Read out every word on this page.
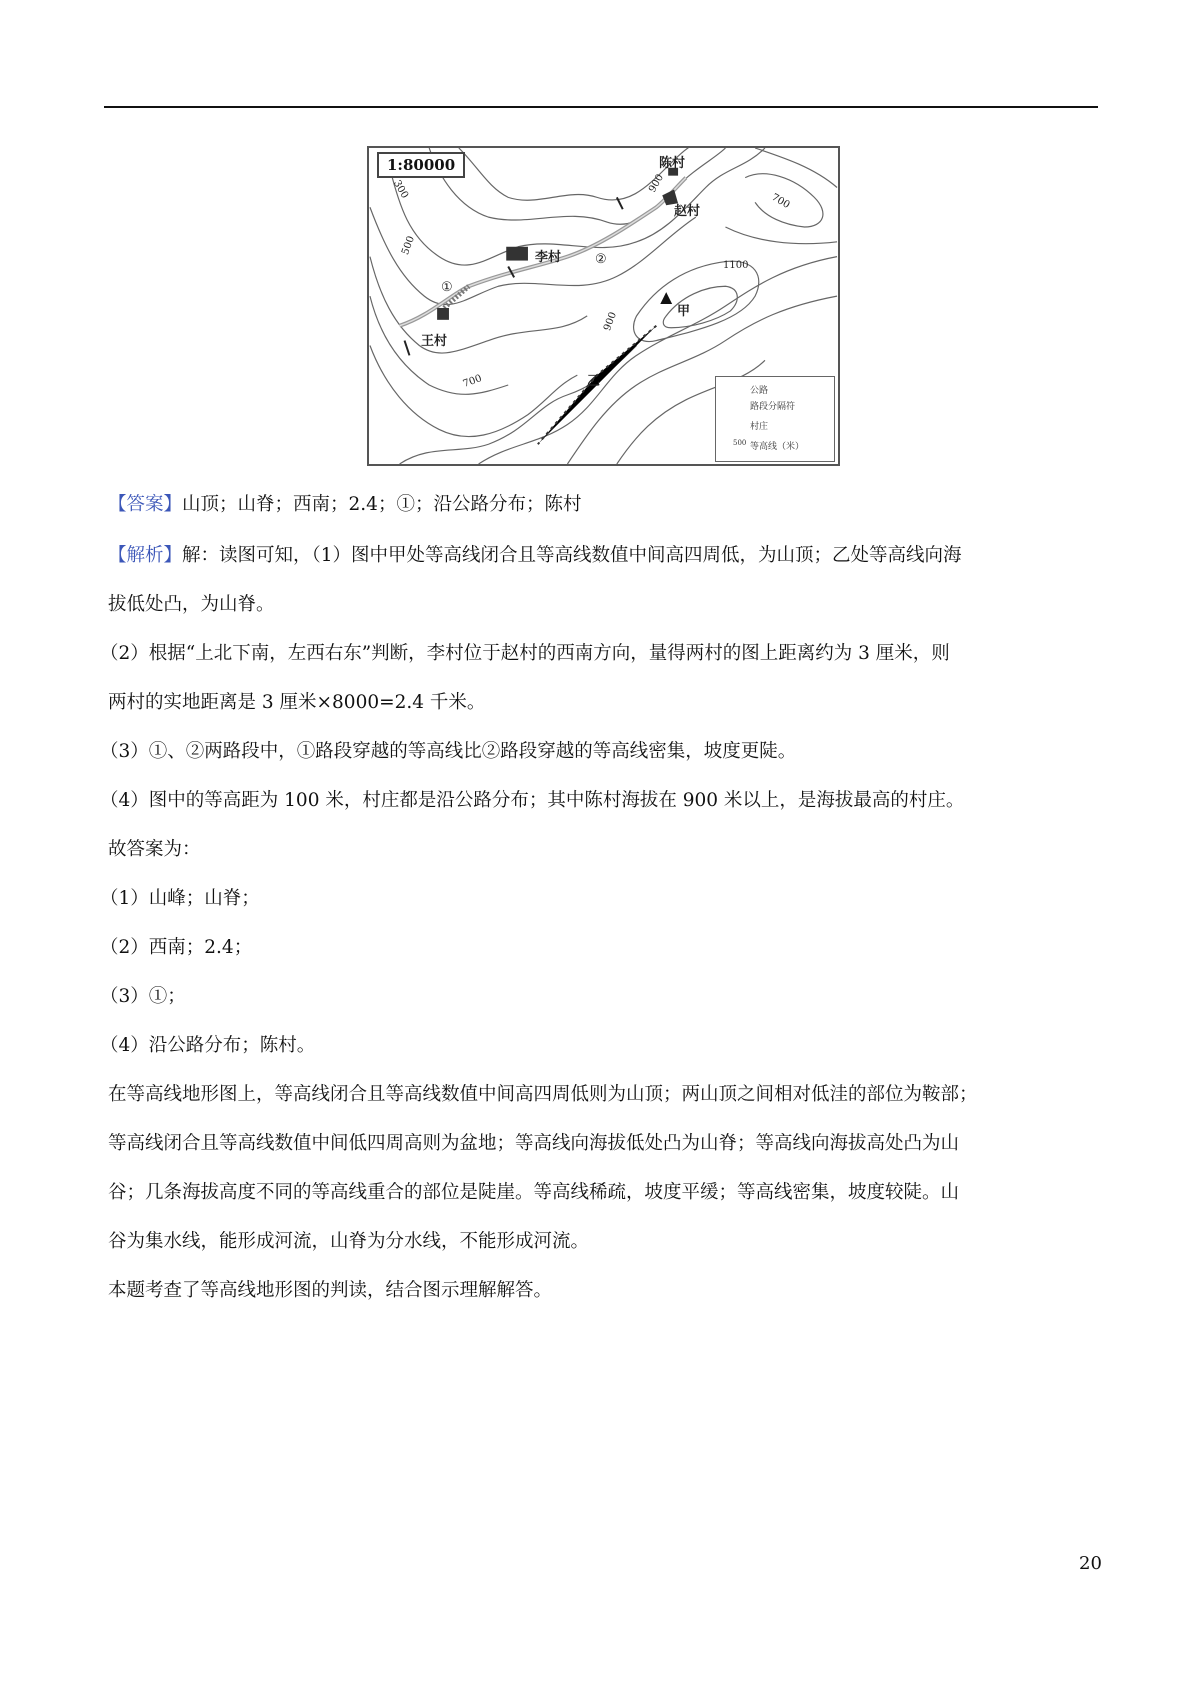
1:80000	陈村
赵村
李村
王村
甲
乙
①
②
300
500
700
700
900
900
1100
公路
路段分隔符
村庄
等高线（米）
500
【答案】山顶；山脊；西南；2.4；①；沿公路分布；陈村
【解析】解：读图可知，（1）图中甲处等高线闭合且等高线数值中间高四周低，为山顶；乙处等高线向海
拔低处凸，为山脊。
（2）根据“上北下南，左西右东”判断，李村位于赵村的西南方向，量得两村的图上距离约为 3 厘米，则
两村的实地距离是 3 厘米×8000=2.4 千米。
（3）①、②两路段中，①路段穿越的等高线比②路段穿越的等高线密集，坡度更陡。
（4）图中的等高距为 100 米，村庄都是沿公路分布；其中陈村海拔在 900 米以上，是海拔最高的村庄。
故答案为：
（1）山峰；山脊；
（2）西南；2.4；
（3）①；
（4）沿公路分布；陈村。
在等高线地形图上，等高线闭合且等高线数值中间高四周低则为山顶；两山顶之间相对低洼的部位为鞍部；
等高线闭合且等高线数值中间低四周高则为盆地；等高线向海拔低处凸为山脊；等高线向海拔高处凸为山
谷；几条海拔高度不同的等高线重合的部位是陡崖。等高线稀疏，坡度平缓；等高线密集，坡度较陡。山
谷为集水线，能形成河流，山脊为分水线，不能形成河流。
本题考查了等高线地形图的判读，结合图示理解解答。
20
